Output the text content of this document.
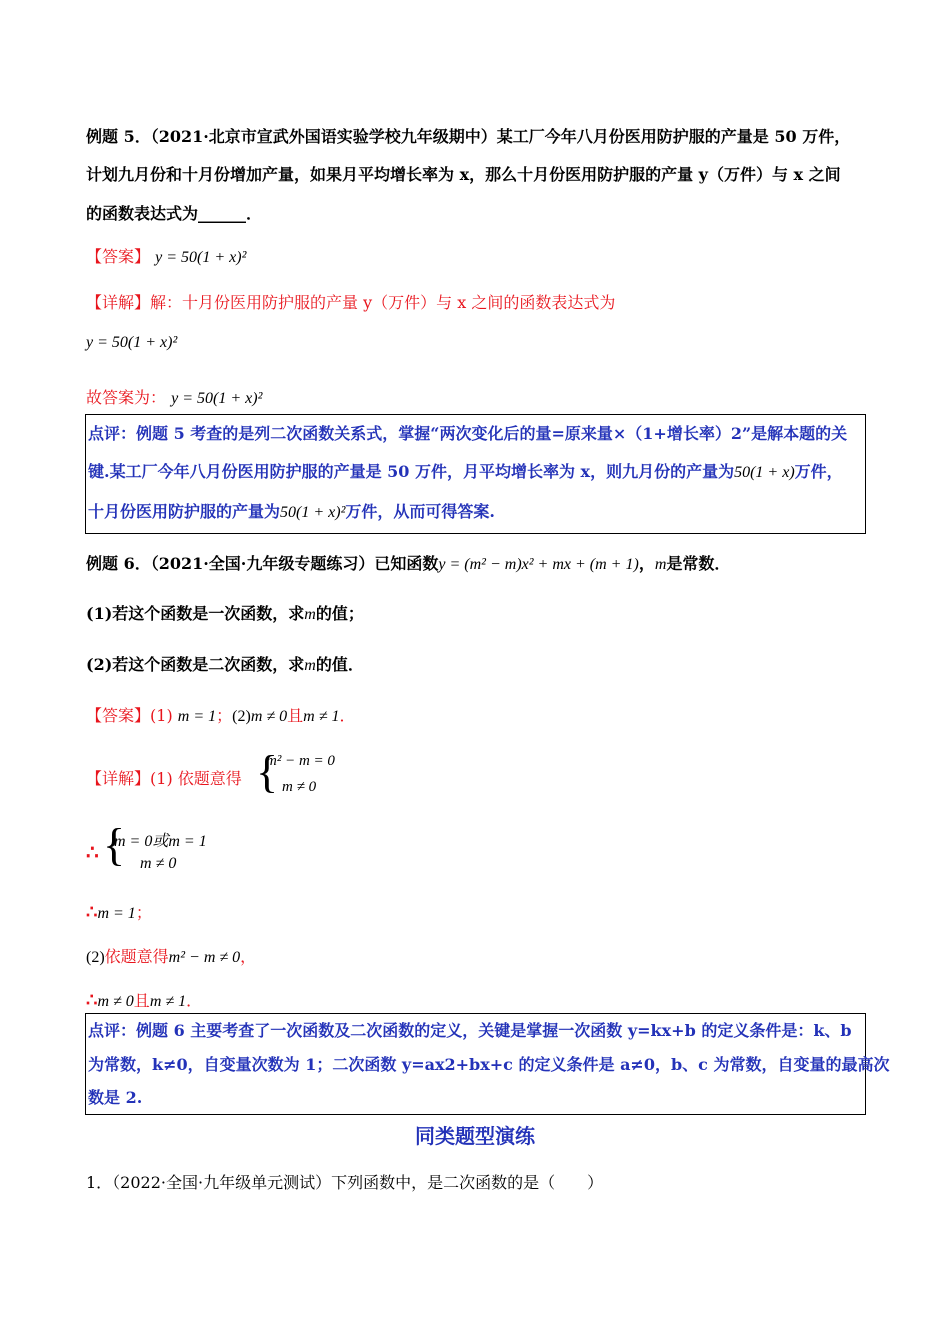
例题 5．（2021·北京市宣武外国语实验学校九年级期中）某工厂今年八月份医用防护服的产量是 50 万件，
计划九月份和十月份增加产量，如果月平均增长率为 x，那么十月份医用防护服的产量 y（万件）与 x 之间
的函数表达式为______．
【答案】 y = 50(1 + x)²
【详解】解：十月份医用防护服的产量 y（万件）与 x 之间的函数表达式为
y = 50(1 + x)²
故答案为： y = 50(1 + x)²
点评：例题 5 考查的是列二次函数关系式，掌握“两次变化后的量=原来量×（1+增长率）2”是解本题的关
键.某工厂今年八月份医用防护服的产量是 50 万件，月平均增长率为 x，则九月份的产量为50(1 + x)万件，
十月份医用防护服的产量为50(1 + x)²万件，从而可得答案.
例题 6．（2021·全国·九年级专题练习）已知函数y = (m² − m)x² + mx + (m + 1)，m是常数．
(1)若这个函数是一次函数，求m的值；
(2)若这个函数是二次函数，求m的值．
【答案】(1) m = 1；(2)m ≠ 0且m ≠ 1．
【详解】(1) 依题意得 {
m² − m = 0
m ≠ 0
∴ {
m = 0或m = 1
m ≠ 0
∴m = 1；
(2)依题意得m² − m ≠ 0，
∴m ≠ 0且m ≠ 1．
点评：例题 6 主要考查了一次函数及二次函数的定义，关键是掌握一次函数 y=kx+b 的定义条件是：k、b
为常数，k≠0，自变量次数为 1；二次函数 y=ax2+bx+c 的定义条件是 a≠0，b、c 为常数，自变量的最高次
数是 2.
同类题型演练
1．（2022·全国·九年级单元测试）下列函数中，是二次函数的是（　　）
